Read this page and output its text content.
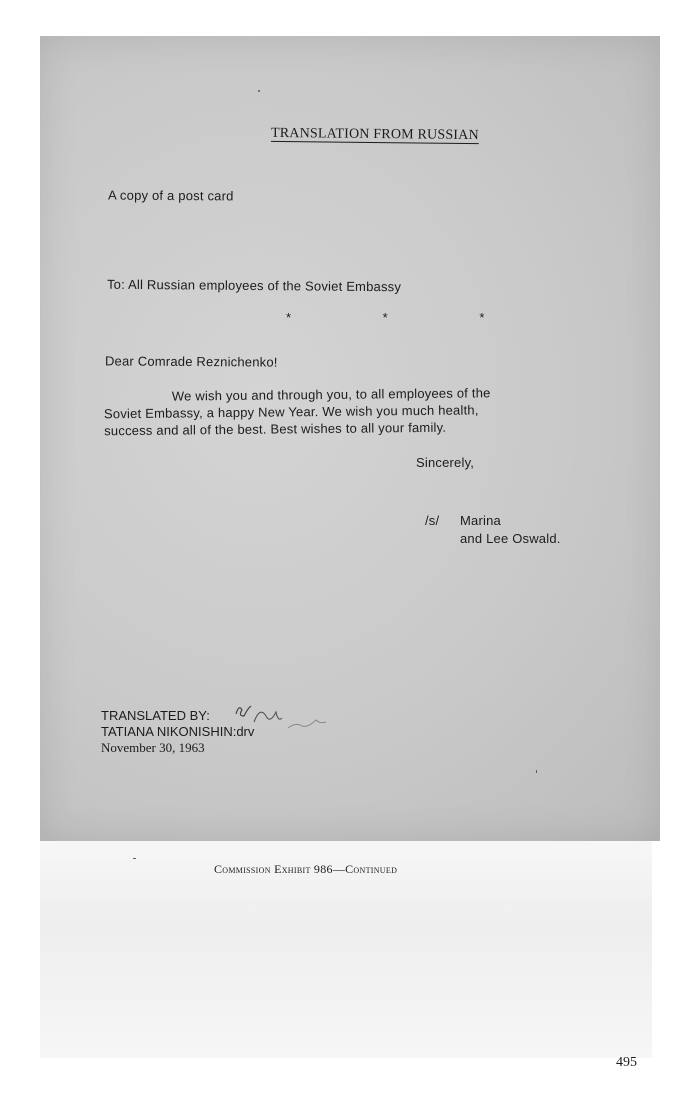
TRANSLATION FROM RUSSIAN
A copy of a post card
To: All Russian employees of the Soviet Embassy
* * *
Dear Comrade Reznichenko!
We wish you and through you, to all employees of the
Soviet Embassy, a happy New Year. We wish you much health,
success and all of the best. Best wishes to all your family.
Sincerely,
/s/ Marina
and Lee Oswald.
TRANSLATED BY:
TATIANA NIKONISHIN:drv
November 30, 1963
Commission Exhibit 986—Continued
495
